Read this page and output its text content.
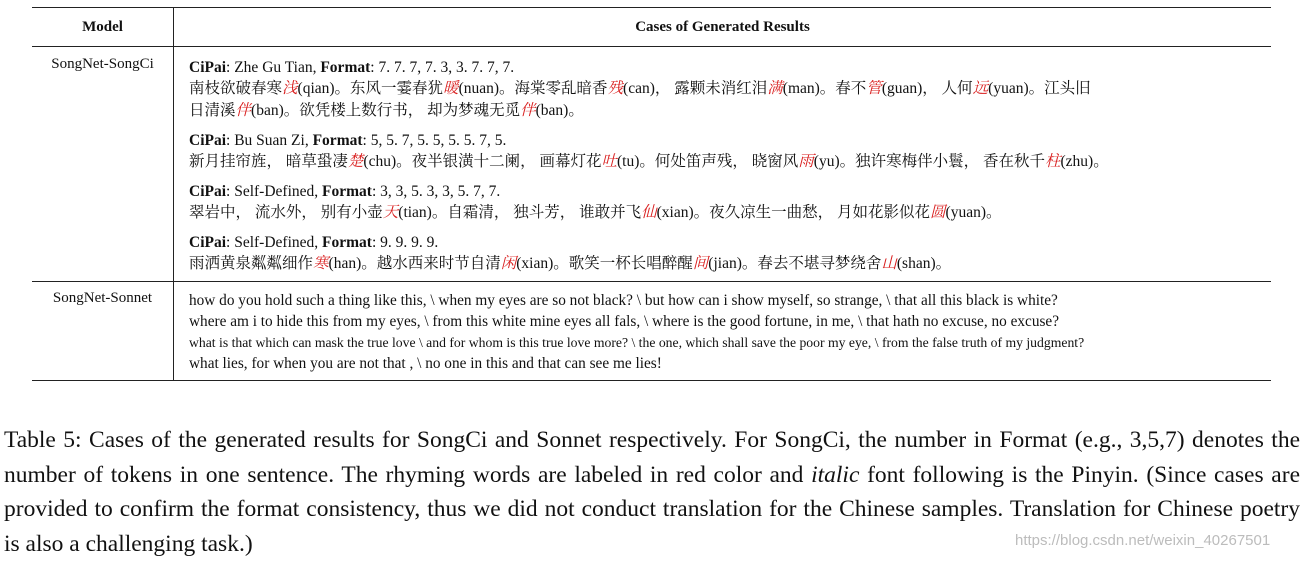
Model	Cases of Generated Results
SongNet-SongCi	CiPai: Zhe Gu Tian, Format: 7. 7. 7, 7. 3, 3. 7. 7, 7.
南枝欲破春寒浅(qian)。东风一霎春犹暖(nuan)。海棠零乱暗香残(can)， 露颗未消红泪满(man)。春不管(guan)， 人何远(yuan)。江头旧
日清溪伴(ban)。欲凭楼上数行书， 却为梦魂无觅伴(ban)。
CiPai: Bu Suan Zi, Format: 5, 5. 7, 5. 5, 5. 5. 7, 5.
新月挂帘旌， 暗草蛩凄楚(chu)。夜半银潢十二阑， 画幕灯花吐(tu)。何处笛声残， 晓窗风雨(yu)。独许寒梅伴小鬟， 香在秋千柱(zhu)。
CiPai: Self-Defined, Format: 3, 3, 5. 3, 3, 5. 7, 7.
翠岩中， 流水外， 别有小壶天(tian)。自霜清， 独斗芳， 谁敢并飞仙(xian)。夜久凉生一曲愁， 月如花影似花圆(yuan)。
CiPai: Self-Defined, Format: 9. 9. 9. 9.
雨洒黄泉粼粼细作寒(han)。越水西来时节自清闲(xian)。歌笑一杯长唱醉醒间(jian)。春去不堪寻梦绕舍山(shan)。
SongNet-Sonnet	how do you hold such a thing like this, \ when my eyes are so not black? \ but how can i show myself, so strange, \ that all this black is white?
where am i to hide this from my eyes, \ from this white mine eyes all fals, \ where is the good fortune, in me, \ that hath no excuse, no excuse?
what is that which can mask the true love \ and for whom is this true love more? \ the one, which shall save the poor my eye, \ from the false truth of my judgment?
what lies, for when you are not that , \ no one in this and that can see me lies!
Table 5: Cases of the generated results for SongCi and Sonnet respectively. For SongCi, the number in Format (e.g., 3,5,7) denotes the number of tokens in one sentence. The rhyming words are labeled in red color and italic font following is the Pinyin. (Since cases are provided to confirm the format consistency, thus we did not conduct translation for the Chinese samples. Translation for Chinese poetry is also a challenging task.)	https://blog.csdn.net/weixin_40267501
